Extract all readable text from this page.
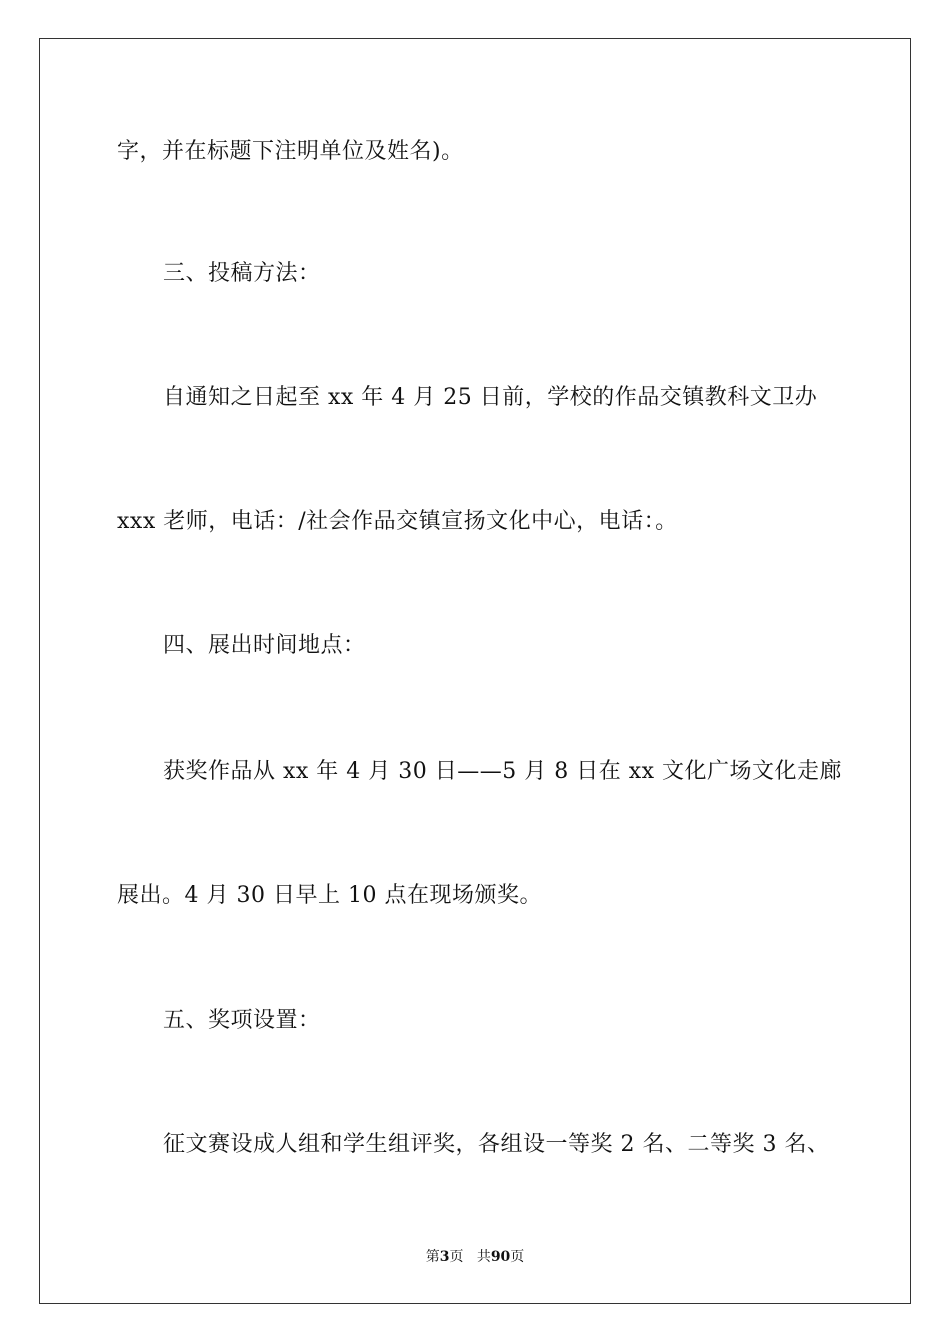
字，并在标题下注明单位及姓名)。
三、投稿方法：
自通知之日起至 xx 年 4 月 25 日前，学校的作品交镇教科文卫办
xxx 老师，电话：/社会作品交镇宣扬文化中心，电话：。
四、展出时间地点：
获奖作品从 xx 年 4 月 30 日——5 月 8 日在 xx 文化广场文化走廊
展出。4 月 30 日早上 10 点在现场颁奖。
五、奖项设置：
征文赛设成人组和学生组评奖，各组设一等奖 2 名、二等奖 3 名、
第3页 共90页
